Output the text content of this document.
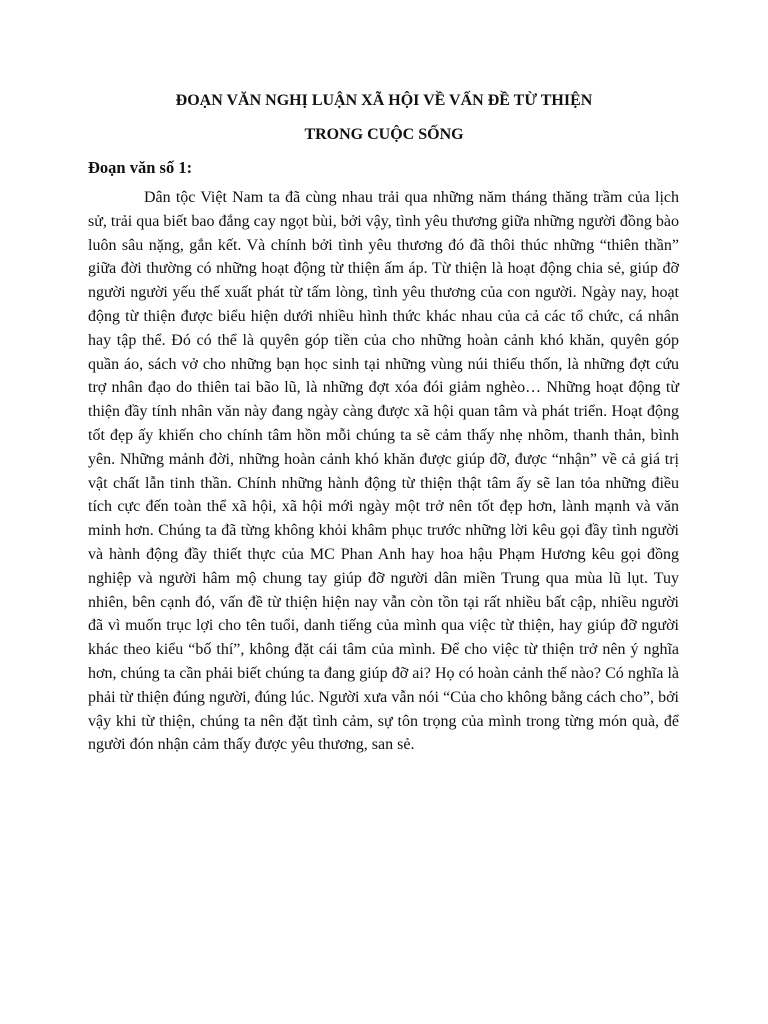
ĐOẠN VĂN NGHỊ LUẬN XÃ HỘI VỀ VẤN ĐỀ TỪ THIỆN
TRONG CUỘC SỐNG
Đoạn văn số 1:

Dân tộc Việt Nam ta đã cùng nhau trải qua những năm tháng thăng trầm của lịch sử, trải qua biết bao đắng cay ngọt bùi, bởi vậy, tình yêu thương giữa những người đồng bào luôn sâu nặng, gắn kết. Và chính bởi tình yêu thương đó đã thôi thúc những “thiên thần” giữa đời thường có những hoạt động từ thiện ấm áp. Từ thiện là hoạt động chia sẻ, giúp đỡ người người yếu thế xuất phát từ tấm lòng, tình yêu thương của con người. Ngày nay, hoạt động từ thiện được biểu hiện dưới nhiều hình thức khác nhau của cả các tổ chức, cá nhân hay tập thể. Đó có thể là quyên góp tiền của cho những hoàn cảnh khó khăn, quyên góp quần áo, sách vở cho những bạn học sinh tại những vùng núi thiếu thốn, là những đợt cứu trợ nhân đạo do thiên tai bão lũ, là những đợt xóa đói giảm nghèo… Những hoạt động từ thiện đầy tính nhân văn này đang ngày càng được xã hội quan tâm và phát triển. Hoạt động tốt đẹp ấy khiến cho chính tâm hồn mỗi chúng ta sẽ cảm thấy nhẹ nhõm, thanh thản, bình yên. Những mảnh đời, những hoàn cảnh khó khăn được giúp đỡ, được “nhận” về cả giá trị vật chất lẫn tinh thần. Chính những hành động từ thiện thật tâm ấy sẽ lan tỏa những điều tích cực đến toàn thể xã hội, xã hội mới ngày một trở nên tốt đẹp hơn, lành mạnh và văn minh hơn. Chúng ta đã từng không khỏi khâm phục trước những lời kêu gọi đầy tình người và hành động đầy thiết thực của MC Phan Anh hay hoa hậu Phạm Hương kêu gọi đồng nghiệp và người hâm mộ chung tay giúp đỡ người dân miền Trung qua mùa lũ lụt. Tuy nhiên, bên cạnh đó, vấn đề từ thiện hiện nay vẫn còn tồn tại rất nhiều bất cập, nhiều người đã vì muốn trục lợi cho tên tuổi, danh tiếng của mình qua việc từ thiện, hay giúp đỡ người khác theo kiểu “bố thí”, không đặt cái tâm của mình. Để cho việc từ thiện trở nên ý nghĩa hơn, chúng ta cần phải biết chúng ta đang giúp đỡ ai? Họ có hoàn cảnh thế nào? Có nghĩa là phải từ thiện đúng người, đúng lúc. Người xưa vẫn nói “Của cho không bằng cách cho”, bởi vậy khi từ thiện, chúng ta nên đặt tình cảm, sự tôn trọng của mình trong từng món quà, để người đón nhận cảm thấy được yêu thương, san sẻ.
